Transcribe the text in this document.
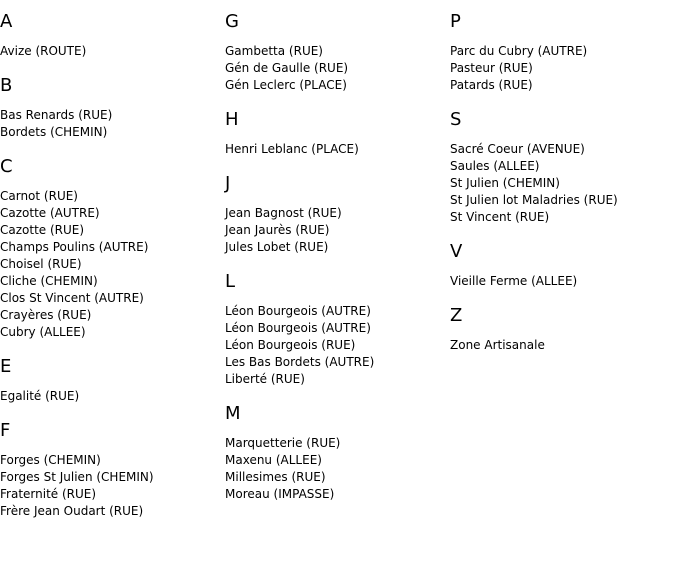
A
Avize (ROUTE)
B
Bas Renards (RUE)
Bordets (CHEMIN)
C
Carnot (RUE)
Cazotte (AUTRE)
Cazotte (RUE)
Champs Poulins (AUTRE)
Choisel (RUE)
Cliche (CHEMIN)
Clos St Vincent (AUTRE)
Crayères (RUE)
Cubry (ALLEE)
E
Egalité (RUE)
F
Forges (CHEMIN)
Forges St Julien (CHEMIN)
Fraternité (RUE)
Frère Jean Oudart (RUE)
G
Gambetta (RUE)
Gén de Gaulle (RUE)
Gén Leclerc (PLACE)
H
Henri Leblanc (PLACE)
J
Jean Bagnost (RUE)
Jean Jaurès (RUE)
Jules Lobet (RUE)
L
Léon Bourgeois (AUTRE)
Léon Bourgeois (AUTRE)
Léon Bourgeois (RUE)
Les Bas Bordets (AUTRE)
Liberté (RUE)
M
Marquetterie (RUE)
Maxenu (ALLEE)
Millesimes (RUE)
Moreau (IMPASSE)
P
Parc du Cubry (AUTRE)
Pasteur (RUE)
Patards (RUE)
S
Sacré Coeur (AVENUE)
Saules (ALLEE)
St Julien (CHEMIN)
St Julien lot Maladries (RUE)
St Vincent (RUE)
V
Vieille Ferme (ALLEE)
Z
Zone Artisanale
